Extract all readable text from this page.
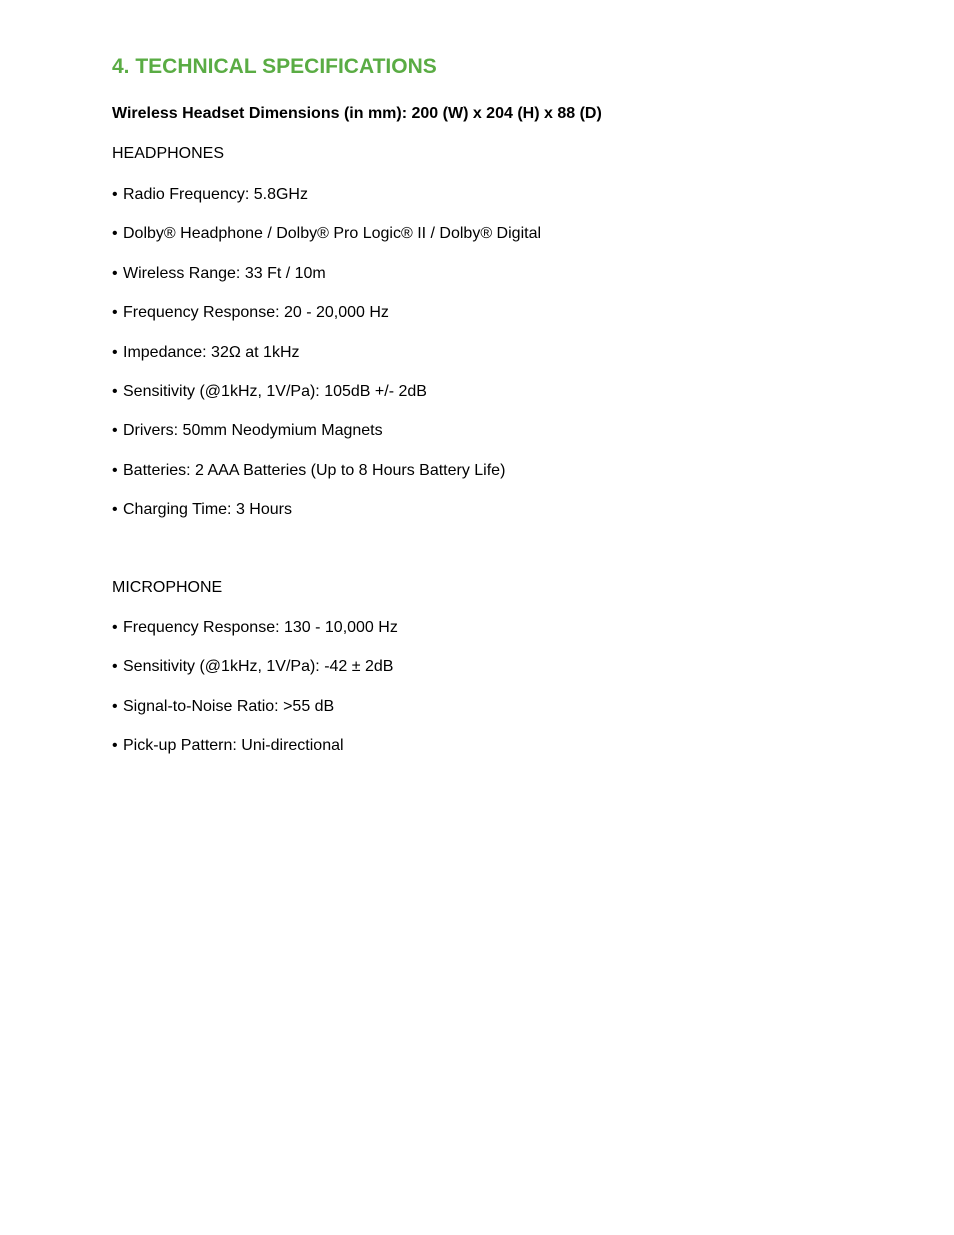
4. TECHNICAL SPECIFICATIONS

Wireless Headset Dimensions (in mm): 200 (W) x 204 (H) x 88 (D)

HEADPHONES

• Radio Frequency: 5.8GHz
• Dolby® Headphone / Dolby® Pro Logic® II / Dolby® Digital
• Wireless Range: 33 Ft / 10m
• Frequency Response: 20 - 20,000 Hz
• Impedance: 32Ω at 1kHz
• Sensitivity (@1kHz, 1V/Pa): 105dB +/- 2dB
• Drivers: 50mm Neodymium Magnets
• Batteries: 2 AAA Batteries (Up to 8 Hours Battery Life)
• Charging Time: 3 Hours

MICROPHONE

• Frequency Response: 130 - 10,000 Hz
• Sensitivity (@1kHz, 1V/Pa): -42 ± 2dB
• Signal-to-Noise Ratio: >55 dB
• Pick-up Pattern: Uni-directional
